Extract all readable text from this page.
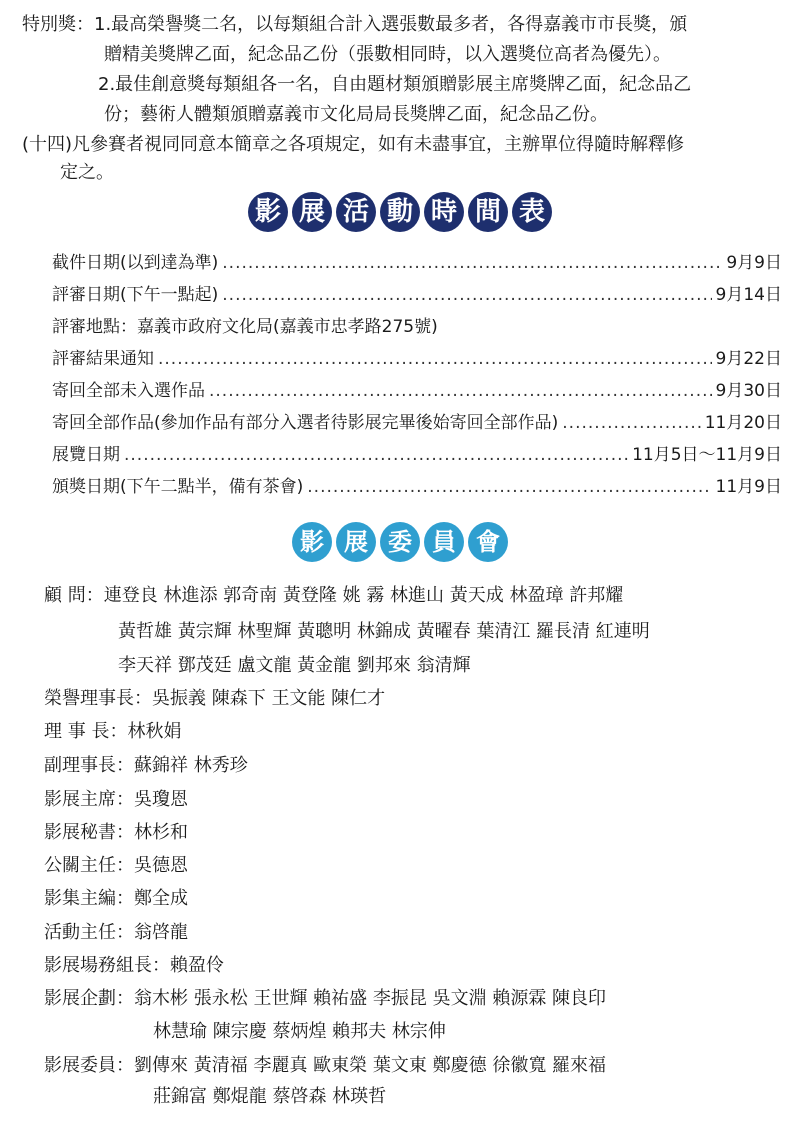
特別獎：1.最高榮譽獎二名，以每類組合計入選張數最多者，各得嘉義市市長獎，頒
贈精美獎牌乙面，紀念品乙份（張數相同時，以入選獎位高者為優先）。
2.最佳創意獎每類組各一名，自由題材類頒贈影展主席獎牌乙面，紀念品乙
份；藝術人體類頒贈嘉義市文化局局長獎牌乙面，紀念品乙份。
(十四)凡參賽者視同同意本簡章之各項規定，如有未盡事宜，主辦單位得隨時解釋修
定之。
影 展 活 動 時 間 表
截件日期(以到達為準) .....	9月9日
評審日期(下午一點起) .....	9月14日
評審地點：嘉義市政府文化局(嘉義市忠孝路275號)
評審結果通知 .....	9月22日
寄回全部未入選作品 .....	9月30日
寄回全部作品(參加作品有部分入選者待影展完畢後始寄回全部作品) .....	11月20日
展覽日期 .....	11月5日～11月9日
頒獎日期(下午二點半，備有茶會) .....	11月9日
影 展 委 員 會
顧 問：連登良 林進添 郭奇南 黃登隆 姚 霧 林進山 黃天成 林盈璋 許邦耀
黃哲雄 黃宗輝 林聖輝 黃聰明 林錦成 黃曜春 葉清江 羅長清 紅連明
李天祥 鄧茂廷 盧文龍 黃金龍 劉邦來 翁清輝
榮譽理事長：吳振義 陳森下 王文能 陳仁才
理 事 長：林秋娟
副理事長：蘇錦祥 林秀珍
影展主席：吳瓊恩
影展秘書：林杉和
公關主任：吳德恩
影集主編：鄭全成
活動主任：翁啓龍
影展場務組長：賴盈伶
影展企劃：翁木彬 張永松 王世輝 賴祐盛 李振昆 吳文淵 賴源霖 陳良印
林慧瑜 陳宗慶 蔡炳煌 賴邦夫 林宗伸
影展委員：劉傳來 黃清福 李麗真 歐東榮 葉文東 鄭慶德 徐徽寬 羅來福
莊錦富 鄭焜龍 蔡啓森 林瑛哲
